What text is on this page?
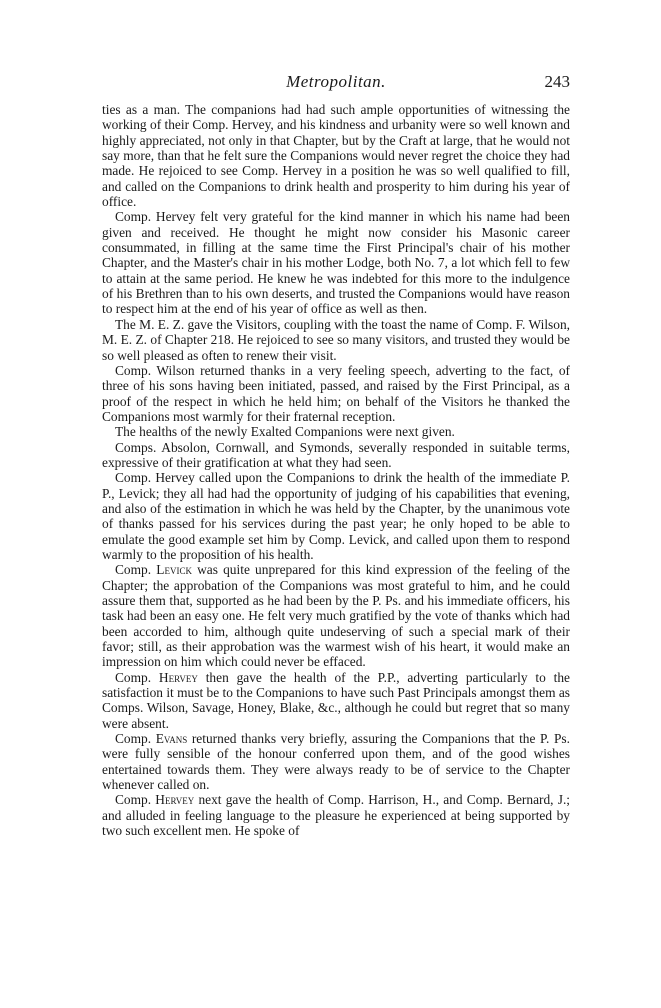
Metropolitan.	243

ties as a man. The companions had had such ample opportunities of witnessing the working of their Comp. Hervey, and his kindness and urbanity were so well known and highly appreciated, not only in that Chapter, but by the Craft at large, that he would not say more, than that he felt sure the Companions would never regret the choice they had made. He rejoiced to see Comp. Hervey in a position he was so well qualified to fill, and called on the Companions to drink health and prosperity to him during his year of office.

Comp. Hervey felt very grateful for the kind manner in which his name had been given and received. He thought he might now consider his Masonic career consummated, in filling at the same time the First Principal's chair of his mother Chapter, and the Master's chair in his mother Lodge, both No. 7, a lot which fell to few to attain at the same period. He knew he was indebted for this more to the indulgence of his Brethren than to his own deserts, and trusted the Companions would have reason to respect him at the end of his year of office as well as then.

The M. E. Z. gave the Visitors, coupling with the toast the name of Comp. F. Wilson, M. E. Z. of Chapter 218. He rejoiced to see so many visitors, and trusted they would be so well pleased as often to renew their visit.

Comp. Wilson returned thanks in a very feeling speech, adverting to the fact, of three of his sons having been initiated, passed, and raised by the First Principal, as a proof of the respect in which he held him; on behalf of the Visitors he thanked the Companions most warmly for their fraternal reception.

The healths of the newly Exalted Companions were next given.

Comps. Absolon, Cornwall, and Symonds, severally responded in suitable terms, expressive of their gratification at what they had seen.

Comp. Hervey called upon the Companions to drink the health of the immediate P. P., Levick; they all had had the opportunity of judging of his capabilities that evening, and also of the estimation in which he was held by the Chapter, by the unanimous vote of thanks passed for his services during the past year; he only hoped to be able to emulate the good example set him by Comp. Levick, and called upon them to respond warmly to the proposition of his health.

Comp. Levick was quite unprepared for this kind expression of the feeling of the Chapter; the approbation of the Companions was most grateful to him, and he could assure them that, supported as he had been by the P. Ps. and his immediate officers, his task had been an easy one. He felt very much gratified by the vote of thanks which had been accorded to him, although quite undeserving of such a special mark of their favor; still, as their approbation was the warmest wish of his heart, it would make an impression on him which could never be effaced.

Comp. Hervey then gave the health of the P.P., adverting particularly to the satisfaction it must be to the Companions to have such Past Principals amongst them as Comps. Wilson, Savage, Honey, Blake, &c., although he could but regret that so many were absent.

Comp. Evans returned thanks very briefly, assuring the Companions that the P. Ps. were fully sensible of the honour conferred upon them, and of the good wishes entertained towards them. They were always ready to be of service to the Chapter whenever called on.

Comp. Hervey next gave the health of Comp. Harrison, H., and Comp. Bernard, J.; and alluded in feeling language to the pleasure he experienced at being supported by two such excellent men. He spoke of
